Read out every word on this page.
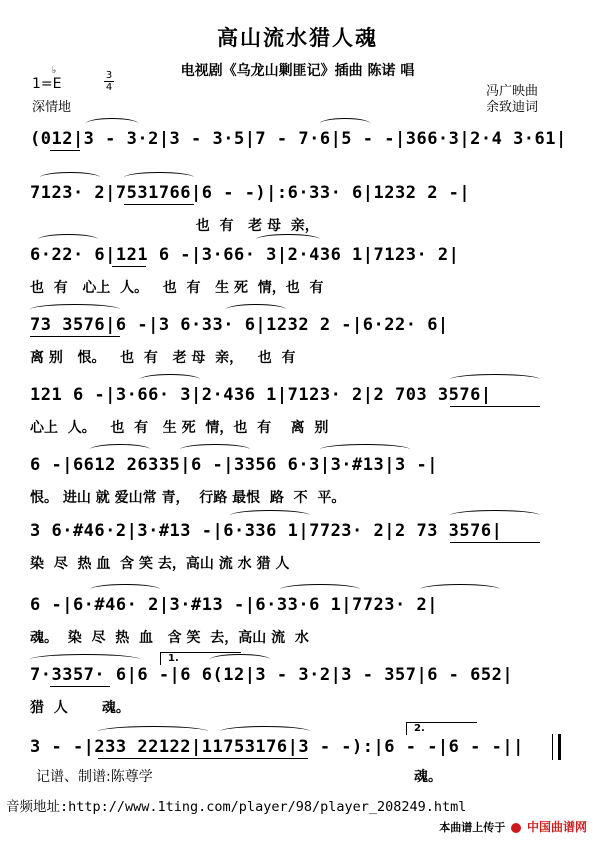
高山流水猎人魂
电视剧《乌龙山剿匪记》插曲 陈诺 唱
1=E
♭	3
4
深情地
冯广映曲
余致迪词
(012|3 - 3·2|3 - 3·5|7 - 7·6|5 - -|366·3|2·4 3·61|
7123· 2|7531766|6 - -)|:6·33· 6|1232 2 -|
也  有   老 母  亲，
6·22· 6|121 6 -|3·66· 3|2·436 1|7123· 2|
也  有   心上  人。   也  有   生 死  情，也  有
73 3576|6 -|3 6·33· 6|1232 2 -|6·22· 6|
离 别   恨。   也  有   老 母  亲，   也  有
121 6 -|3·66· 3|2·436 1|7123· 2|2 703 3576|
心上  人。   也  有   生 死  情，也  有    离  别
6 -|6612 26335|6 -|3356 6·3|3·#13|3 -|
恨。 进山 就 爱山常 青，  行路 最恨  路  不  平。
3 6·#46·2|3·#13 -|6·336 1|7723· 2|2 73 3576|
染  尽  热 血  含 笑 去，高山 流 水 猎 人
6 -|6·#46· 2|3·#13 -|6·33·6 1|7723· 2|
魂。  染  尽  热  血   含 笑  去，高山 流  水
7·3357· 6|6 -|6 6(12|3 - 3·2|3 - 357|6 - 652|
猎  人       魂。
3 - -|233 22122|11753176|3 - -):|6 - -|6 - -||
1.
2.
记谱、制谱:陈尊学	魂。
音频地址:http://www.1ting.com/player/98/player_208249.html
本曲谱上传于 中国曲谱网
